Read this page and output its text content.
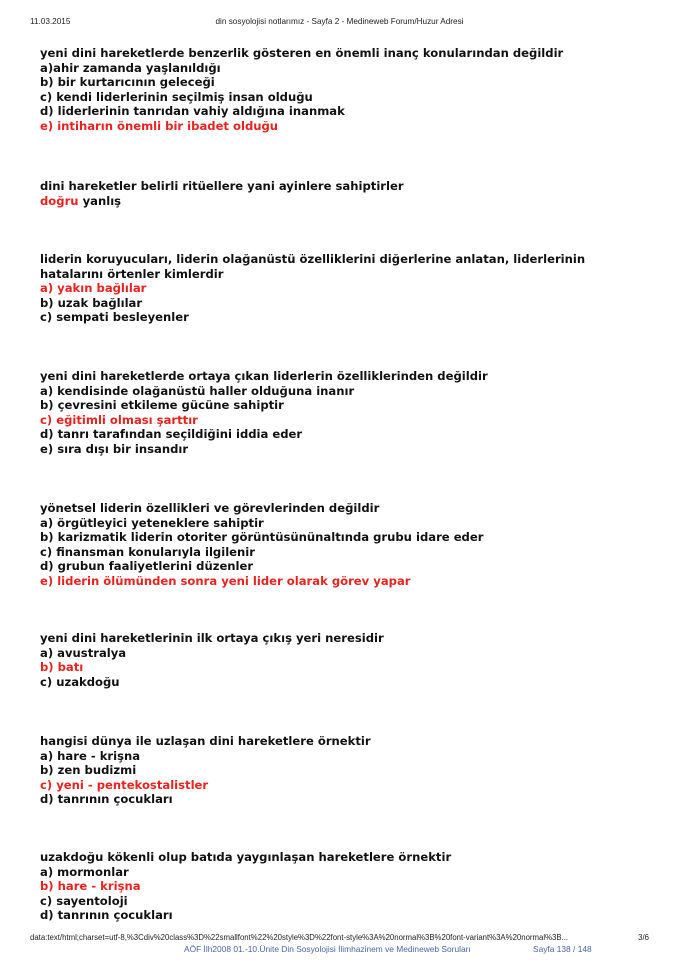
11.03.2015	din sosyolojisi notlarımız - Sayfa 2 - Medineweb Forum/Huzur Adresi

yeni dini hareketlerde benzerlik gösteren en önemli inanç konularından değildir

a)ahir zamanda yaşlanıldığı

b) bir kurtarıcının geleceği

c) kendi liderlerinin seçilmiş insan olduğu

d) liderlerinin tanrıdan vahiy aldığına inanmak

e) intiharın önemli bir ibadet olduğu

dini hareketler belirli ritüellere yani ayinlere sahiptirler

doğru yanlış

liderin koruyucuları, liderin olağanüstü özelliklerini diğerlerine anlatan, liderlerinin hatalarını örtenler kimlerdir

a) yakın bağlılar

b) uzak bağlılar

c) sempati besleyenler

yeni dini hareketlerde ortaya çıkan liderlerin özelliklerinden değildir

a) kendisinde olağanüstü haller olduğuna inanır

b) çevresini etkileme gücüne sahiptir

c) eğitimli olması şarttır

d) tanrı tarafından seçildiğini iddia eder

e) sıra dışı bir insandır

yönetsel liderin özellikleri ve görevlerinden değildir

a) örgütleyici yeteneklere sahiptir

b) karizmatik liderin otoriter görüntüsününaltında grubu idare eder

c) finansman konularıyla ilgilenir

d) grubun faaliyetlerini düzenler

e) liderin ölümünden sonra yeni lider olarak görev yapar

yeni dini hareketlerinin ilk ortaya çıkış yeri neresidir

a) avustralya

b) batı

c) uzakdoğu

hangisi dünya ile uzlaşan dini hareketlere örnektir

a) hare - krişna

b) zen budizmi

c) yeni - pentekostalistler

d) tanrının çocukları

uzakdoğu kökenli olup batıda yaygınlaşan hareketlere örnektir

a) mormonlar

b) hare - krişna

c) sayentoloji

d) tanrının çocukları

data:text/html;charset=utf-8,%3Cdiv%20class%3D%22smallfont%22%20style%3D%22font-style%3A%20normal%3B%20font-variant%3A%20normal%3B...	3/6
AÖF İlh2008 01.-10.Ünite Din Sosyolojisi İlimhazinem ve Medineweb Soruları	Sayfa 138 / 148
